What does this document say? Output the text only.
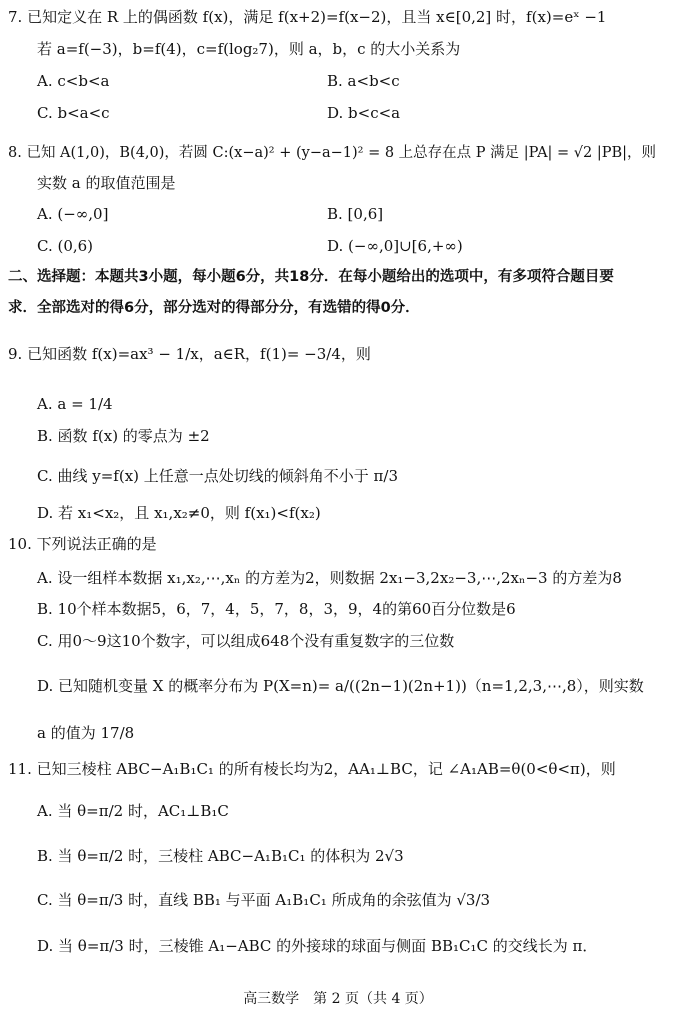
7. 已知定义在 R 上的偶函数 f(x)，满足 f(x+2)=f(x−2)，且当 x∈[0,2] 时，f(x)=eˣ −1
若 a=f(−3)，b=f(4)，c=f(log₂7)，则 a，b，c 的大小关系为
A. c<b<a	B. a<b<c
C. b<a<c	D. b<c<a
8. 已知 A(1,0)，B(4,0)，若圆 C:(x−a)² + (y−a−1)² = 8 上总存在点 P 满足 |PA| = √2 |PB|，则
实数 a 的取值范围是
A. (−∞,0]	B. [0,6]
C. (0,6)	D. (−∞,0]∪[6,+∞)
二、选择题：本题共3小题，每小题6分，共18分．在每小题给出的选项中，有多项符合题目要
求．全部选对的得6分，部分选对的得部分分，有选错的得0分．
9. 已知函数 f(x)=ax³ − 1/x，a∈R，f(1)= −3/4，则
A. a = 1/4
B. 函数 f(x) 的零点为 ±2
C. 曲线 y=f(x) 上任意一点处切线的倾斜角不小于 π/3
D. 若 x₁<x₂，且 x₁,x₂≠0，则 f(x₁)<f(x₂)
10. 下列说法正确的是
A. 设一组样本数据 x₁,x₂,⋯,xₙ 的方差为2，则数据 2x₁−3,2x₂−3,⋯,2xₙ−3 的方差为8
B. 10个样本数据5，6，7，4，5，7，8，3，9，4的第60百分位数是6
C. 用0～9这10个数字，可以组成648个没有重复数字的三位数
D. 已知随机变量 X 的概率分布为 P(X=n)= a/((2n−1)(2n+1))（n=1,2,3,⋯,8），则实数
a 的值为 17/8
11. 已知三棱柱 ABC−A₁B₁C₁ 的所有棱长均为2，AA₁⊥BC，记 ∠A₁AB=θ(0<θ<π)，则
A. 当 θ=π/2 时，AC₁⊥B₁C
B. 当 θ=π/2 时，三棱柱 ABC−A₁B₁C₁ 的体积为 2√3
C. 当 θ=π/3 时，直线 BB₁ 与平面 A₁B₁C₁ 所成角的余弦值为 √3/3
D. 当 θ=π/3 时，三棱锥 A₁−ABC 的外接球的球面与侧面 BB₁C₁C 的交线长为 π．
高三数学　第 2 页（共 4 页）
